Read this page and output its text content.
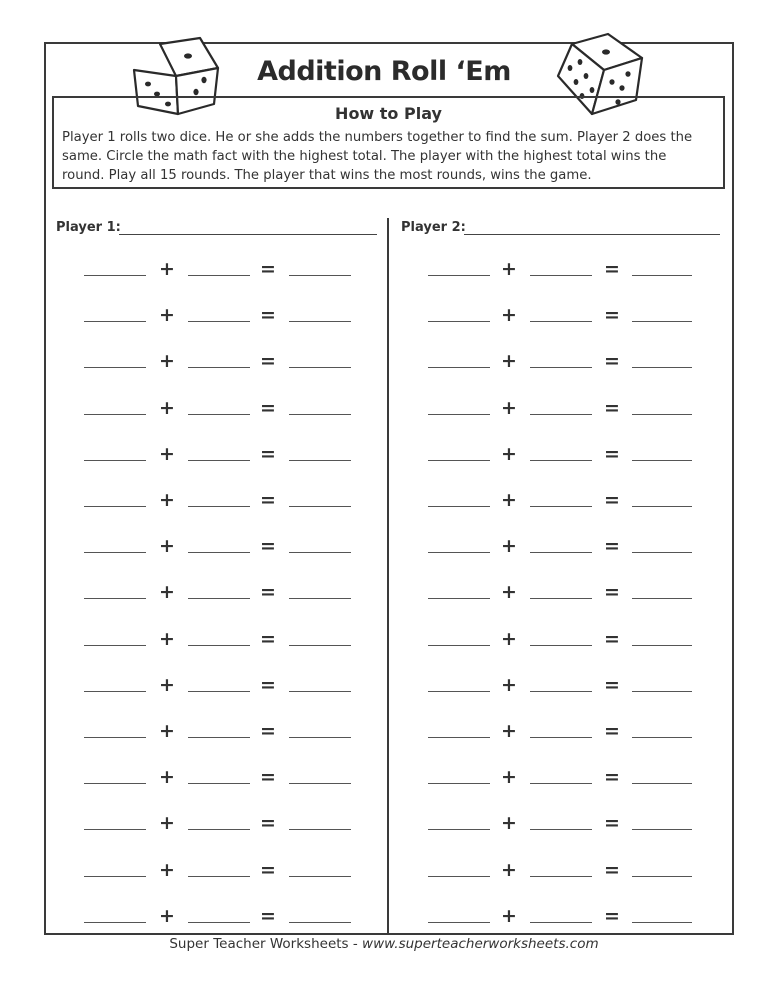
Addition Roll ‘Em
How to Play
Player 1 rolls two dice. He or she adds the numbers together to find the sum. Player 2 does the
same. Circle the math fact with the highest total. The player with the highest total wins the
round. Play all 15 rounds. The player that wins the most rounds, wins the game.
Player 1:	Player 2:
+	=	+	=
+	=	+	=
+	=	+	=
+	=	+	=
+	=	+	=
+	=	+	=
+	=	+	=
+	=	+	=
+	=	+	=
+	=	+	=
+	=	+	=
+	=	+	=
+	=	+	=
+	=	+	=
+	=	+	=
Super Teacher Worksheets - www.superteacherworksheets.com
